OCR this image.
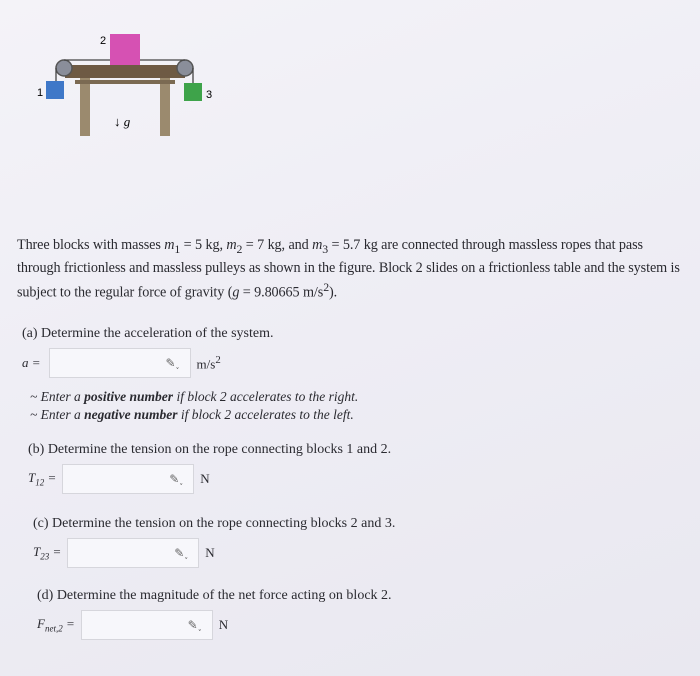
2
1	3
↓ g⃗
Three blocks with masses $m_1 = 5$ kg, $m_2 = 7$ kg, and $m_3 = 5.7$ kg are connected through massless ropes that pass through frictionless and massless pulleys as shown in the figure. Block 2 slides on a frictionless table and the system is subject to the regular force of gravity (g = 9.80665 $m/s^2$).
(a) Determine the acceleration of the system.
a =	✎˯ $m/s^2$
~ Enter a positive number if block 2 accelerates to the right.
~ Enter a negative number if block 2 accelerates to the left.
(b) Determine the tension on the rope connecting blocks 1 and 2.
$T_{12}$ =	✎˯ N
(c) Determine the tension on the rope connecting blocks 2 and 3.
$T_{23}$ =	✎˯ N
(d) Determine the magnitude of the net force acting on block 2.
$F_{net,2}$ =	✎˯ N
